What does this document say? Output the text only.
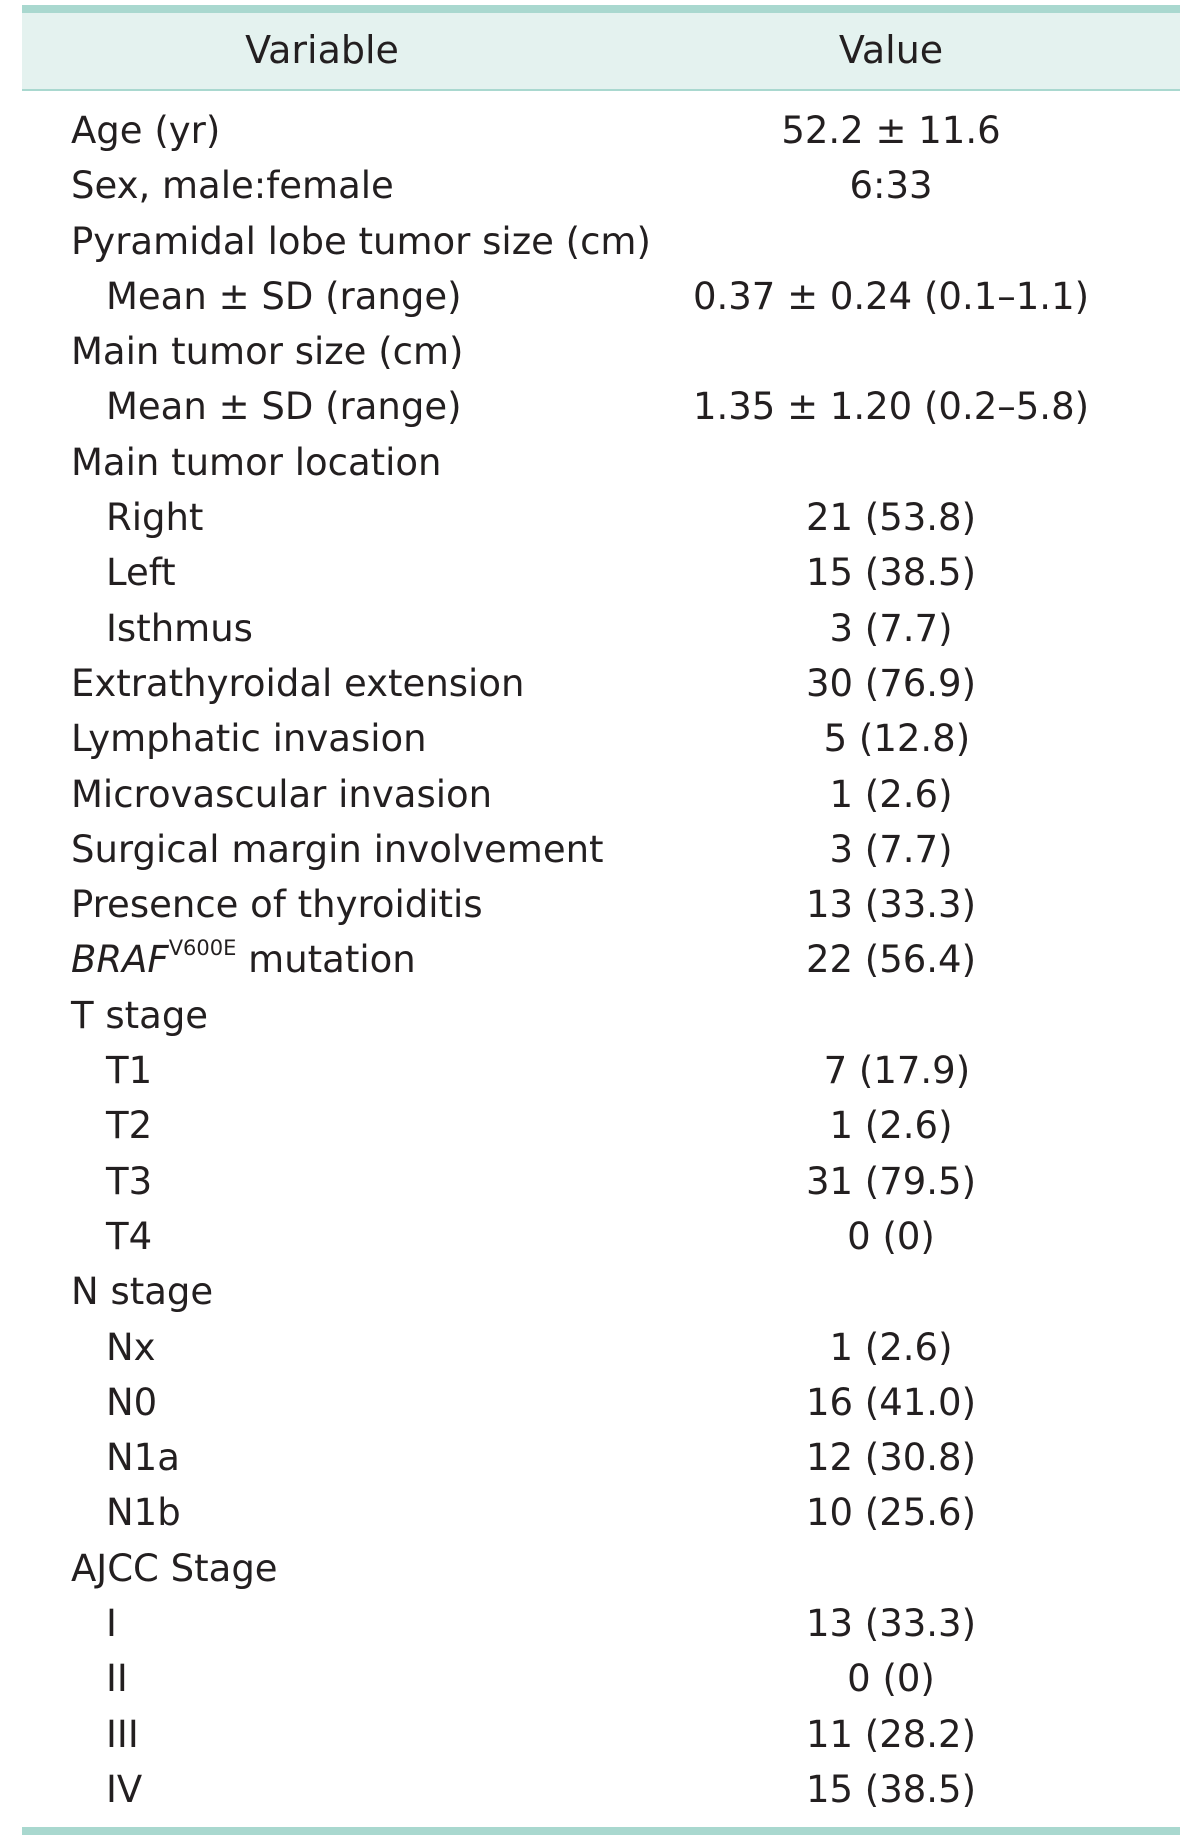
Variable	Value
Age (yr)	52.2 ± 11.6
Sex, male:female	6:33
Pyramidal lobe tumor size (cm)
Mean ± SD (range)	0.37 ± 0.24 (0.1–1.1)
Main tumor size (cm)
Mean ± SD (range)	1.35 ± 1.20 (0.2–5.8)
Main tumor location
Right	21 (53.8)
Left	15 (38.5)
Isthmus	3 (7.7)
Extrathyroidal extension	30 (76.9)
Lymphatic invasion	5 (12.8)
Microvascular invasion	1 (2.6)
Surgical margin involvement	3 (7.7)
Presence of thyroiditis	13 (33.3)
$BRAF^{V600E}$ mutation	22 (56.4)
T stage
T1	7 (17.9)
T2	1 (2.6)
T3	31 (79.5)
T4	0 (0)
N stage
Nx	1 (2.6)
N0	16 (41.0)
N1a	12 (30.8)
N1b	10 (25.6)
AJCC Stage
I	13 (33.3)
II	0 (0)
III	11 (28.2)
IV	15 (38.5)
